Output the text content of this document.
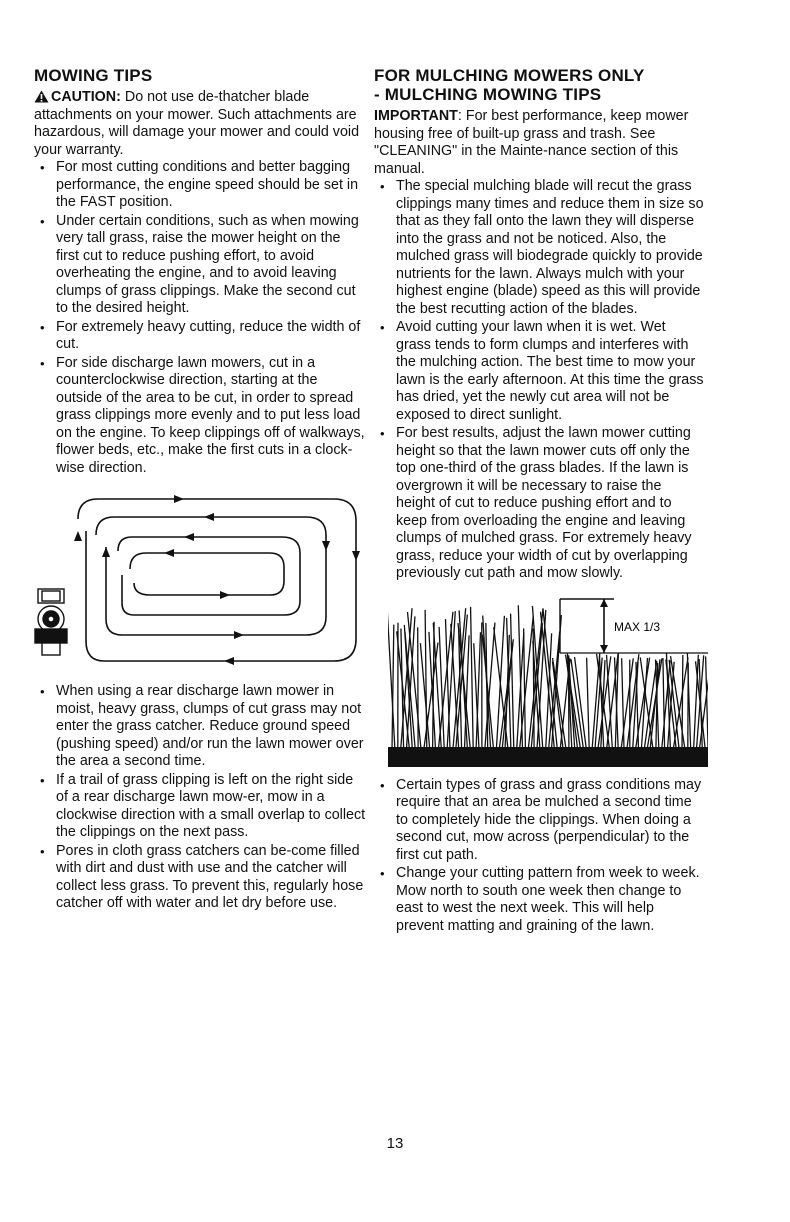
MOWING TIPS

CAUTION: Do not use de-thatcher blade attachments on your mower. Such attachments are hazardous, will damage your mower and could void your warranty.

• For most cutting conditions and better bagging performance, the engine speed should be set in the FAST position.
• Under certain conditions, such as when mowing very tall grass, raise the mower height on the first cut to reduce pushing effort, to avoid overheating the engine, and to avoid leaving clumps of grass clippings. Make the second cut to the desired height.
• For extremely heavy cutting, reduce the width of cut.
• For side discharge lawn mowers, cut in a counterclockwise direction, starting at the outside of the area to be cut, in order to spread grass clippings more evenly and to put less load on the engine. To keep clippings off of walkways, flower beds, etc., make the first cuts in a clock-wise direction.
• When using a rear discharge lawn mower in moist, heavy grass, clumps of cut grass may not enter the grass catcher. Reduce ground speed (pushing speed) and/or run the lawn mower over the area a second time.
• If a trail of grass clipping is left on the right side of a rear discharge lawn mow-er, mow in a clockwise direction with a small overlap to collect the clippings on the next pass.
• Pores in cloth grass catchers can be-come filled with dirt and dust with use and the catcher will collect less grass. To prevent this, regularly hose catcher off with water and let dry before use.
FOR MULCHING MOWERS ONLY
- MULCHING MOWING TIPS

IMPORTANT: For best performance, keep mower housing free of built-up grass and trash. See "CLEANING" in the Mainte-nance section of this manual.

• The special mulching blade will recut the grass clippings many times and reduce them in size so that as they fall onto the lawn they will disperse into the grass and not be noticed. Also, the mulched grass will biodegrade quickly to provide nutrients for the lawn. Always mulch with your highest engine (blade) speed as this will provide the best recutting action of the blades.
• Avoid cutting your lawn when it is wet. Wet grass tends to form clumps and interferes with the mulching action. The best time to mow your lawn is the early afternoon. At this time the grass has dried, yet the newly cut area will not be exposed to direct sunlight.
• For best results, adjust the lawn mower cutting height so that the lawn mower cuts off only the top one-third of the grass blades. If the lawn is overgrown it will be necessary to raise the height of cut to reduce pushing effort and to keep from overloading the engine and leaving clumps of mulched grass. For extremely heavy grass, reduce your width of cut by overlapping previously cut path and mow slowly.
MAX 1/3
• Certain types of grass and grass conditions may require that an area be mulched a second time to completely hide the clippings. When doing a second cut, mow across (perpendicular) to the first cut path.
• Change your cutting pattern from week to week. Mow north to south one week then change to east to west the next week. This will help prevent matting and graining of the lawn.
13
